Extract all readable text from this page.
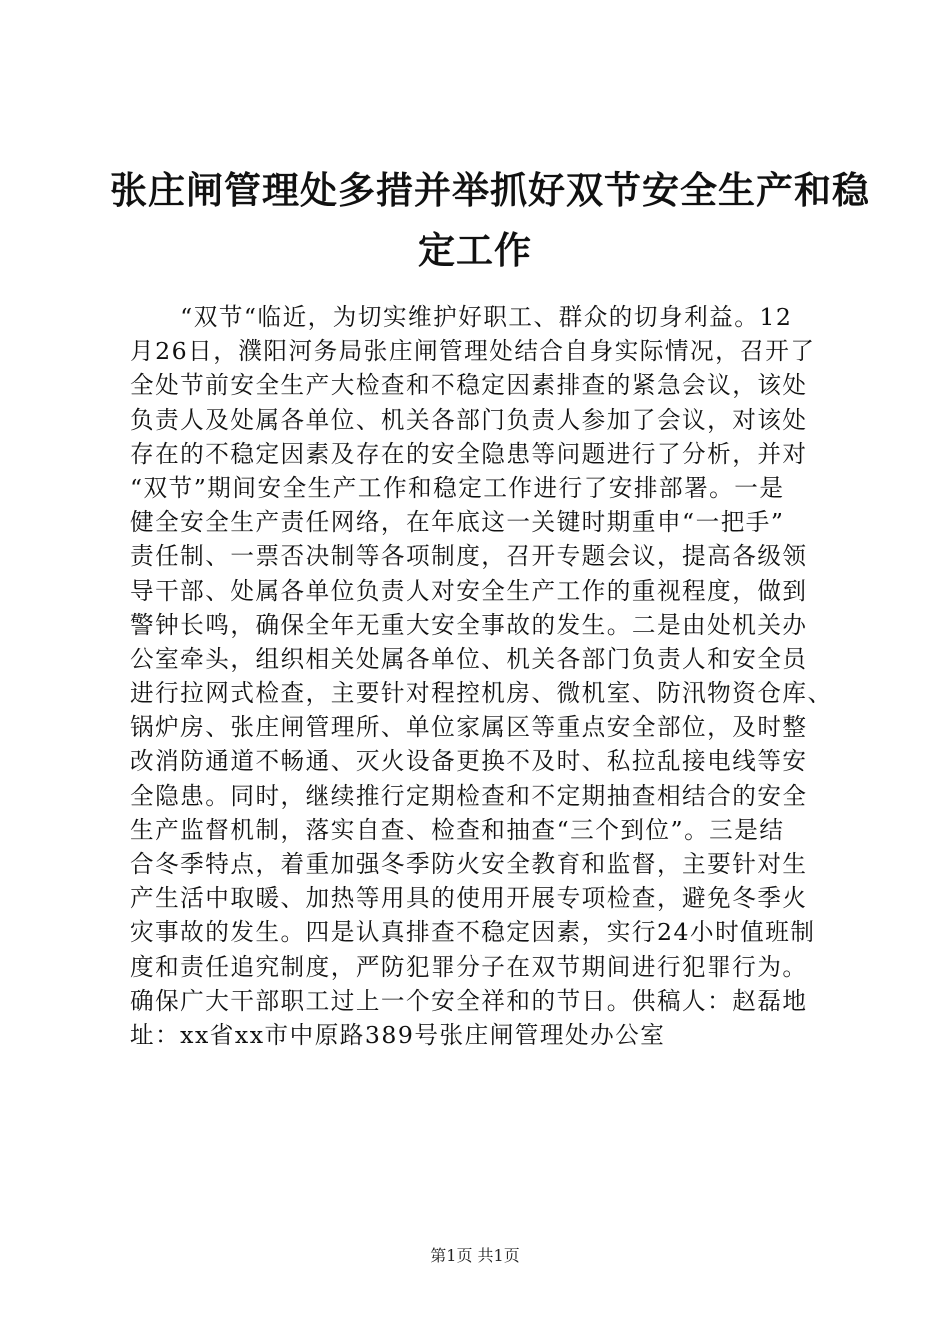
张庄闸管理处多措并举抓好双节安全生产和稳
定工作
　　“双节“临近，为切实维护好职工、群众的切身利益。12
月26日，濮阳河务局张庄闸管理处结合自身实际情况，召开了
全处节前安全生产大检查和不稳定因素排查的紧急会议，该处
负责人及处属各单位、机关各部门负责人参加了会议，对该处
存在的不稳定因素及存在的安全隐患等问题进行了分析，并对
“双节”期间安全生产工作和稳定工作进行了安排部署。一是
健全安全生产责任网络，在年底这一关键时期重申“一把手”
责任制、一票否决制等各项制度，召开专题会议，提高各级领
导干部、处属各单位负责人对安全生产工作的重视程度，做到
警钟长鸣，确保全年无重大安全事故的发生。二是由处机关办
公室牵头，组织相关处属各单位、机关各部门负责人和安全员
进行拉网式检查，主要针对程控机房、微机室、防汛物资仓库、
锅炉房、张庄闸管理所、单位家属区等重点安全部位，及时整
改消防通道不畅通、灭火设备更换不及时、私拉乱接电线等安
全隐患。同时，继续推行定期检查和不定期抽查相结合的安全
生产监督机制，落实自查、检查和抽查“三个到位”。三是结
合冬季特点，着重加强冬季防火安全教育和监督，主要针对生
产生活中取暖、加热等用具的使用开展专项检查，避免冬季火
灾事故的发生。四是认真排查不稳定因素，实行24小时值班制
度和责任追究制度，严防犯罪分子在双节期间进行犯罪行为。
确保广大干部职工过上一个安全祥和的节日。供稿人：赵磊地
址：xx省xx市中原路389号张庄闸管理处办公室
第1页 共1页
